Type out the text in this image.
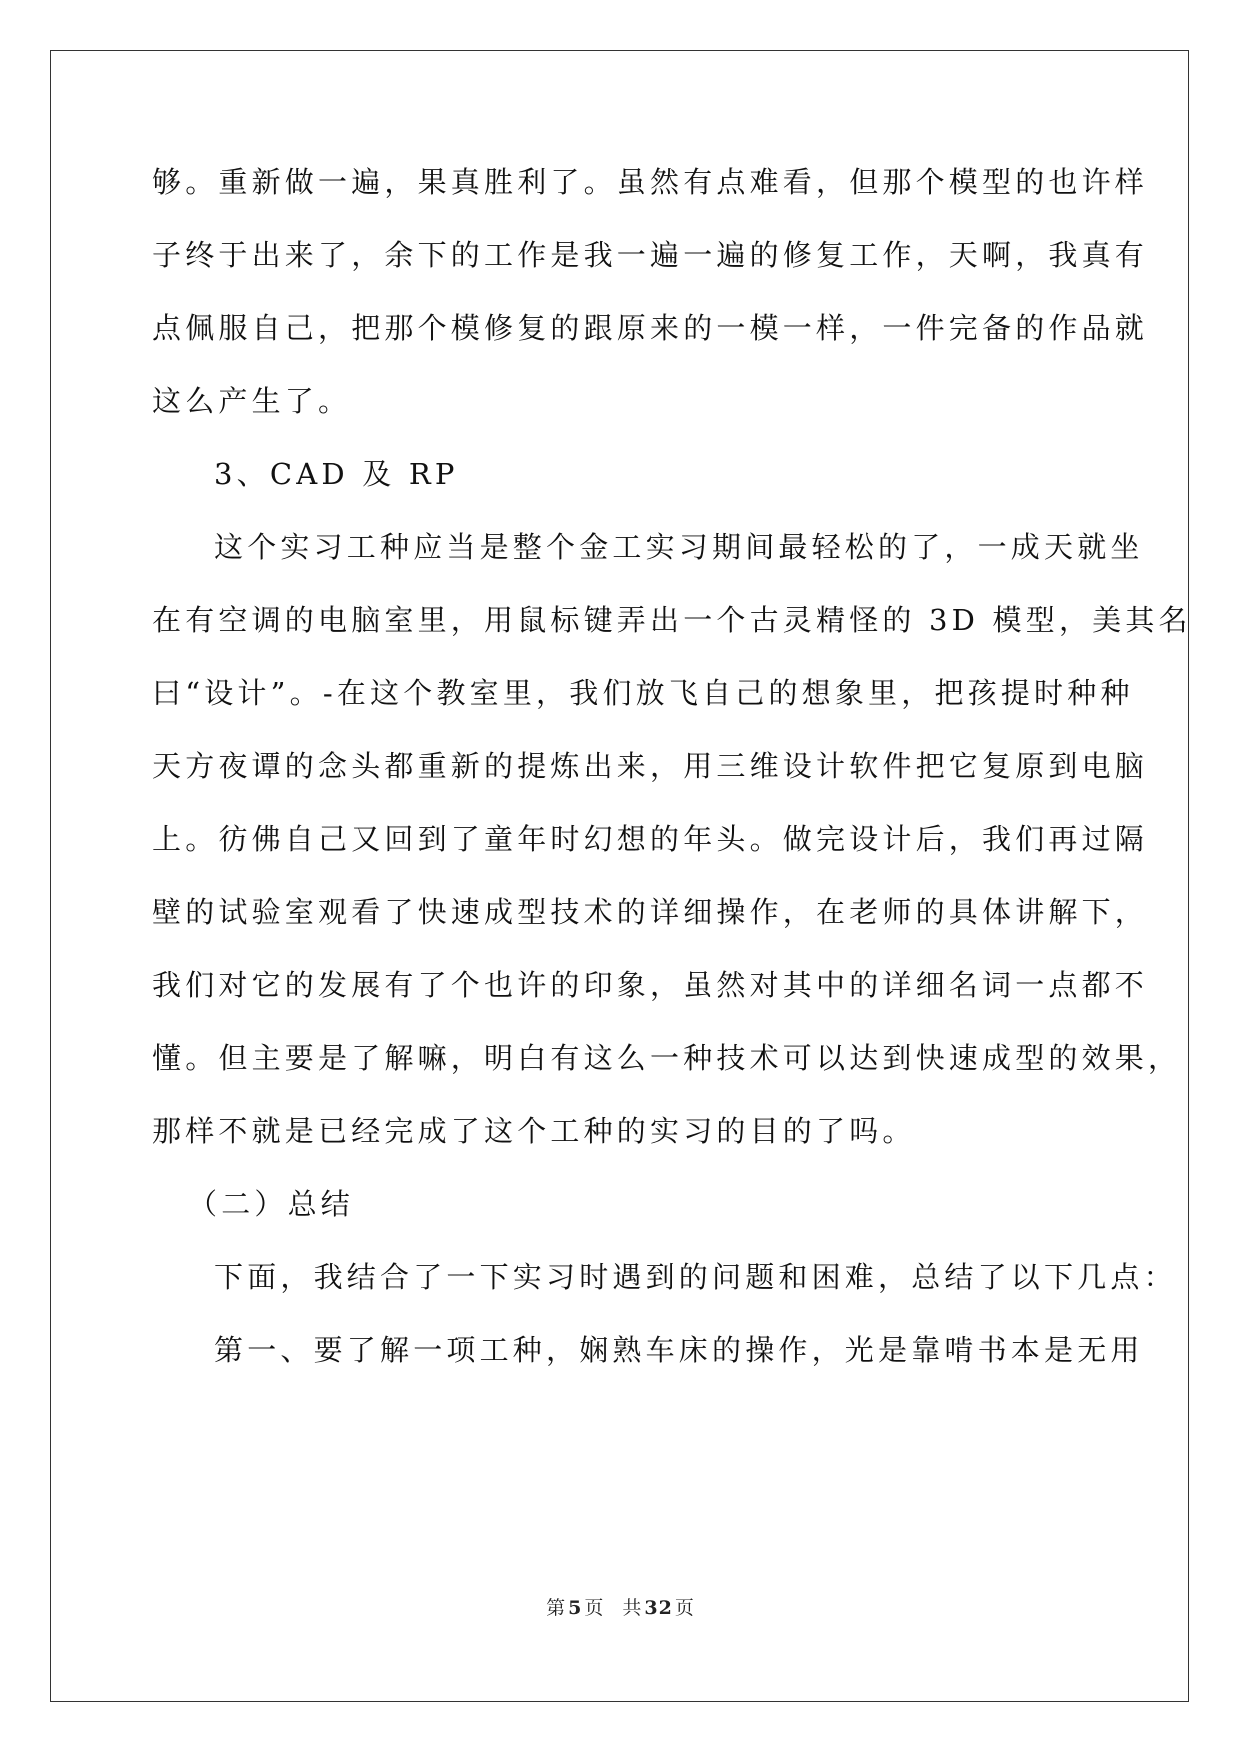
够。重新做一遍，果真胜利了。虽然有点难看，但那个模型的也许样
子终于出来了，余下的工作是我一遍一遍的修复工作，天啊，我真有
点佩服自己，把那个模修复的跟原来的一模一样，一件完备的作品就
这么产生了。
3、CAD 及 RP
这个实习工种应当是整个金工实习期间最轻松的了，一成天就坐
在有空调的电脑室里，用鼠标键弄出一个古灵精怪的 3D 模型，美其名
曰“设计”。-在这个教室里，我们放飞自己的想象里，把孩提时种种
天方夜谭的念头都重新的提炼出来，用三维设计软件把它复原到电脑
上。彷佛自己又回到了童年时幻想的年头。做完设计后，我们再过隔
壁的试验室观看了快速成型技术的详细操作，在老师的具体讲解下，
我们对它的发展有了个也许的印象，虽然对其中的详细名词一点都不
懂。但主要是了解嘛，明白有这么一种技术可以达到快速成型的效果，
那样不就是已经完成了这个工种的实习的目的了吗。
（二）总结
下面，我结合了一下实习时遇到的问题和困难，总结了以下几点：
第一、要了解一项工种，娴熟车床的操作，光是靠啃书本是无用
第 5 页 共 32 页
